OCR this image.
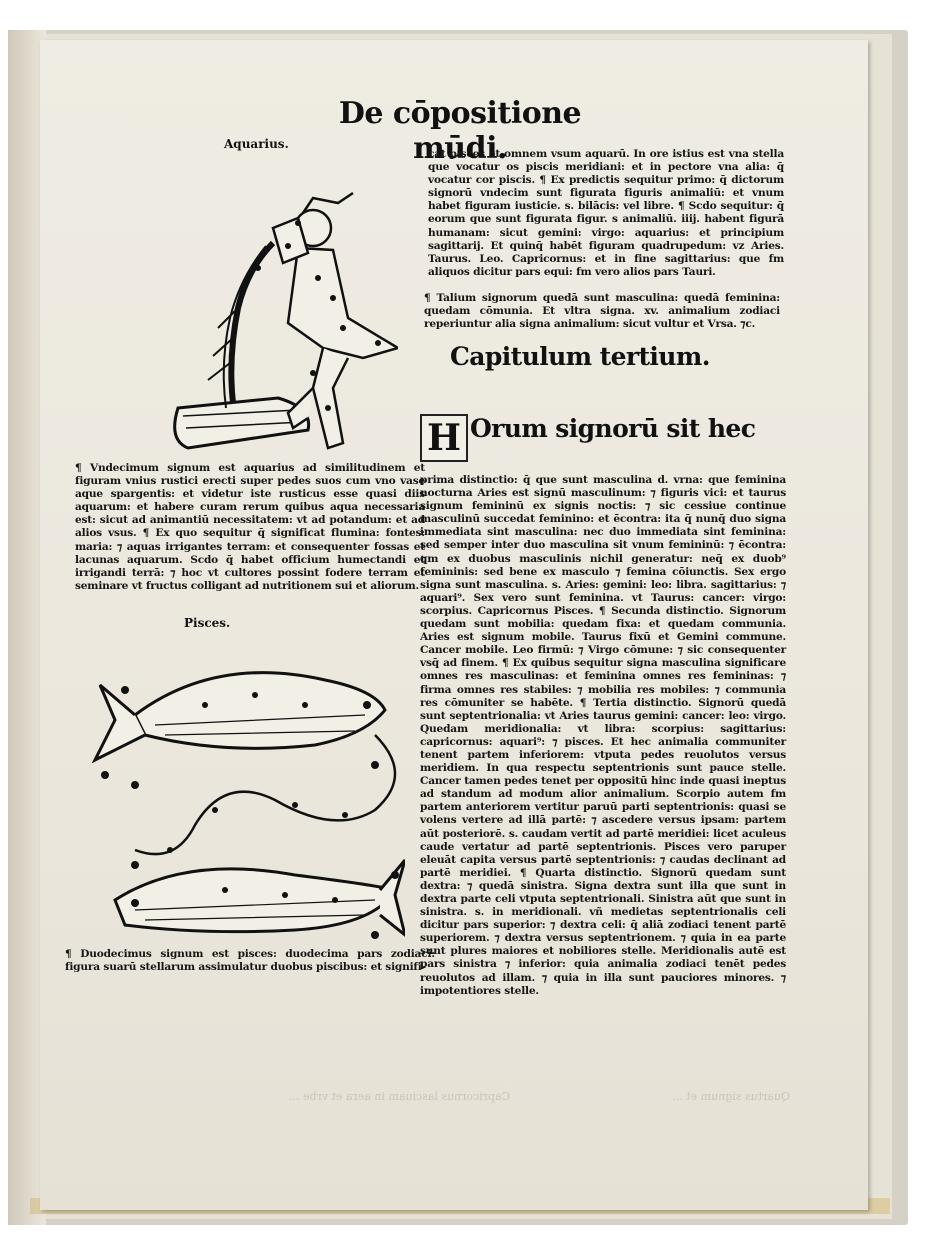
Capricornus lasciuam in aera et vrbe ...	Quartus signum et ...
De cōpositione mūdi.
Aquarius.
¶ Vndecimum signum est aquarius ad similitudinem et figuram vnius rustici erecti super pedes suos cum vno vase aque spargentis: et videtur iste rusticus esse quasi diis aquarum: et habere curam rerum quibus aqua necessaria est: sicut ad animantiū necessitatem: vt ad potandum: et ad alios vsus. ¶ Ex quo sequitur q̄ significat flumina: fontes: maria: ⁊ aquas irrigantes terram: et consequenter fossas et lacunas aquarum. Scdo q̄ habet officium humectandi et irrigandi terrā: ⁊ hoc vt cultores possint fodere terram et seminare vt fructus colligant ad nutritionem sui et aliorum.
Pisces.
¶ Duodecimus signum est pisces: duodecima pars zodiaci: figura suarū stellarum assimulatur duobus piscibus: et signifi-
cat pisces et omnem vsum aquarū. In ore istius est vna stella que vocatur os piscis meridiani: et in pectore vna alia: q̄ vocatur cor piscis. ¶ Ex predictis sequitur primo: q̄ dictorum signorū vndecim sunt figurata figuris animaliū: et vnum habet figuram iusticie. s. bilācis: vel libre. ¶ Scdo sequitur: q̄ eorum que sunt figurata figur. s animaliū. iiij. habent figurā humanam: sicut gemini: virgo: aquarius: et principium sagittarij. Et quinq̄ habēt figuram quadrupedum: vz Aries. Taurus. Leo. Capricornus: et in fine sagittarius: que fm aliquos dicitur pars equi: fm vero alios pars Tauri.
¶ Talium signorum quedā sunt masculina: quedā feminina: quedam cōmunia. Et vltra signa. xv. animalium zodiaci reperiuntur alia signa animalium: sicut vultur et Vrsa. ⁊c.
Capitulum tertium.
H Orum signorū sit hec
prima distinctio: q̄ que sunt masculina d. vrna: que feminina nocturna Aries est signū masculinum: ⁊ figuris vici: et taurus signum femininū ex signis noctis: ⁊ sic cessiue continue masculinū succedat feminino: et ēcontra: ita q̄ nunq̄ duo signa immediata sint masculina: nec duo immediata sint feminina: sed semper inter duo masculina sit vnum femininū: ⁊ ēcontra: qm ex duobus masculinis nichil generatur: neq̄ ex duob⁹ femininis: sed bene ex masculo ⁊ femina cōiunctis. Sex ergo signa sunt masculina. s. Aries: gemini: leo: libra. sagittarius: ⁊ aquari⁹. Sex vero sunt feminina. vt Taurus: cancer: virgo: scorpius. Capricornus Pisces. ¶ Secunda distinctio. Signorum quedam sunt mobilia: quedam fixa: et quedam communia. Aries est signum mobile. Taurus fixū et Gemini commune. Cancer mobile. Leo firmū: ⁊ Virgo cōmune: ⁊ sic consequenter vsq̄ ad finem. ¶ Ex quibus sequitur signa masculina significare omnes res masculinas: et feminina omnes res femininas: ⁊ firma omnes res stabiles: ⁊ mobilia res mobiles: ⁊ communia res cōmuniter se habēte. ¶ Tertia distinctio. Signorū quedā sunt septentrionalia: vt Aries taurus gemini: cancer: leo: virgo. Quedam meridionalia: vt libra: scorpius: sagittarius: capricornus: aquari⁹: ⁊ pisces. Et hec animalia communiter tenent partem inferiorem: vtputa pedes reuolutos versus meridiem. In qua respectu septentrionis sunt pauce stelle. Cancer tamen pedes tenet per oppositū hinc inde quasi ineptus ad standum ad modum alior animalium. Scorpio autem fm partem anteriorem vertitur paruū parti septentrionis: quasi se volens vertere ad illā partē: ⁊ ascedere versus ipsam: partem aūt posteriorē. s. caudam vertit ad partē meridiei: licet aculeus caude vertatur ad partē septentrionis. Pisces vero paruper eleuāt capita versus partē septentrionis: ⁊ caudas declinant ad partē meridiei. ¶ Quarta distinctio. Signorū quedam sunt dextra: ⁊ quedā sinistra. Signa dextra sunt illa que sunt in dextra parte celi vtputa septentrionali. Sinistra aūt que sunt in sinistra. s. in meridionali. vñ medietas septentrionalis celi dicitur pars superior: ⁊ dextra celi: q̄ aliā zodiaci tenent partē superiorem. ⁊ dextra versus septentrionem. ⁊ quia in ea parte sunt plures maiores et nobiliores stelle. Meridionalis autē est pars sinistra ⁊ inferior: quia animalia zodiaci tenēt pedes reuolutos ad illam. ⁊ quia in illa sunt pauciores minores. ⁊ impotentiores stelle.
